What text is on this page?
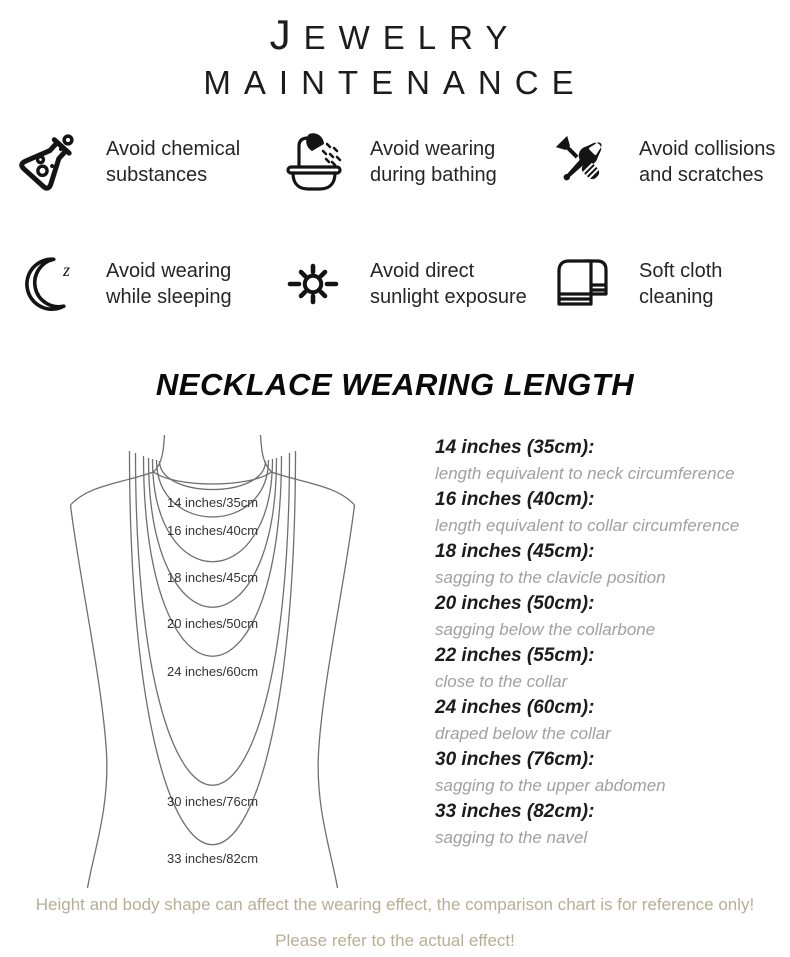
JEWELRY

MAINTENANCE

Avoid chemical
substances
Avoid wearing
during bathing
Avoid collisions
and scratches
z Avoid wearing
while sleeping
Avoid direct
sunlight exposure
Soft cloth
cleaning
NECKLACE WEARING LENGTH
14 inches/35cm
16 inches/40cm
18 inches/45cm
20 inches/50cm
24 inches/60cm
30 inches/76cm
33 inches/82cm
14 inches (35cm):
length equivalent to neck circumference
16 inches (40cm):
length equivalent to collar circumference
18 inches (45cm):
sagging to the clavicle position
20 inches (50cm):
sagging below the collarbone
22 inches (55cm):
close to the collar
24 inches (60cm):
draped below the collar
30 inches (76cm):
sagging to the upper abdomen
33 inches (82cm):
sagging to the navel

Height and body shape can affect the wearing effect, the comparison chart is for reference only!

Please refer to the actual effect!
